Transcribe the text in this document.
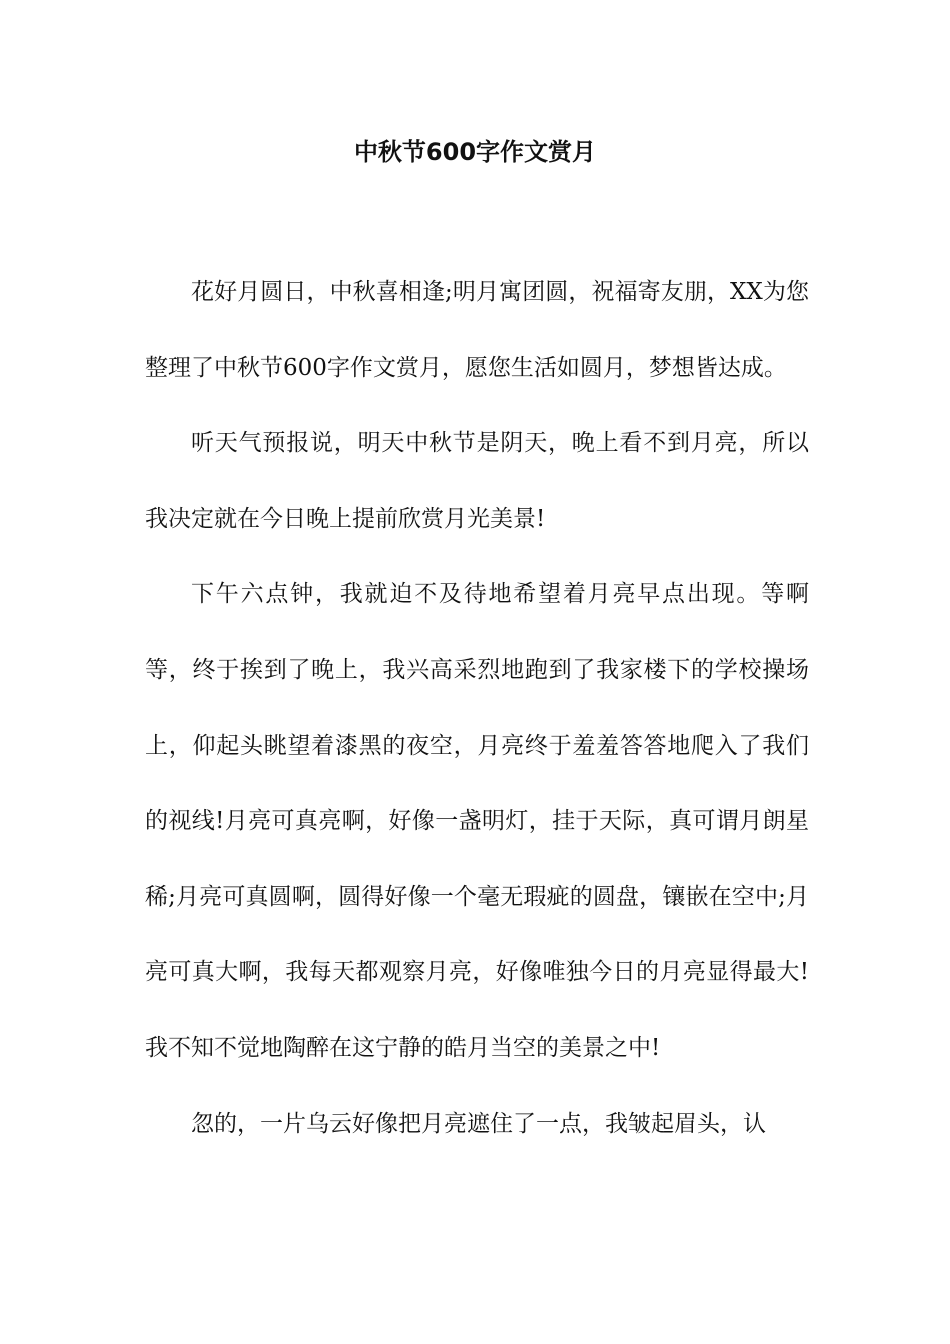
中秋节600字作文赏月

花好月圆日，中秋喜相逢;明月寓团圆，祝福寄友朋，XX为您整理了中秋节600字作文赏月，愿您生活如圆月，梦想皆达成。

听天气预报说，明天中秋节是阴天，晚上看不到月亮，所以我决定就在今日晚上提前欣赏月光美景!

下午六点钟，我就迫不及待地希望着月亮早点出现。等啊等，终于挨到了晚上，我兴高采烈地跑到了我家楼下的学校操场上，仰起头眺望着漆黑的夜空，月亮终于羞羞答答地爬入了我们的视线!月亮可真亮啊，好像一盏明灯，挂于天际，真可谓月朗星稀;月亮可真圆啊，圆得好像一个毫无瑕疵的圆盘，镶嵌在空中;月亮可真大啊，我每天都观察月亮，好像唯独今日的月亮显得最大!我不知不觉地陶醉在这宁静的皓月当空的美景之中!

忽的，一片乌云好像把月亮遮住了一点，我皱起眉头，认
